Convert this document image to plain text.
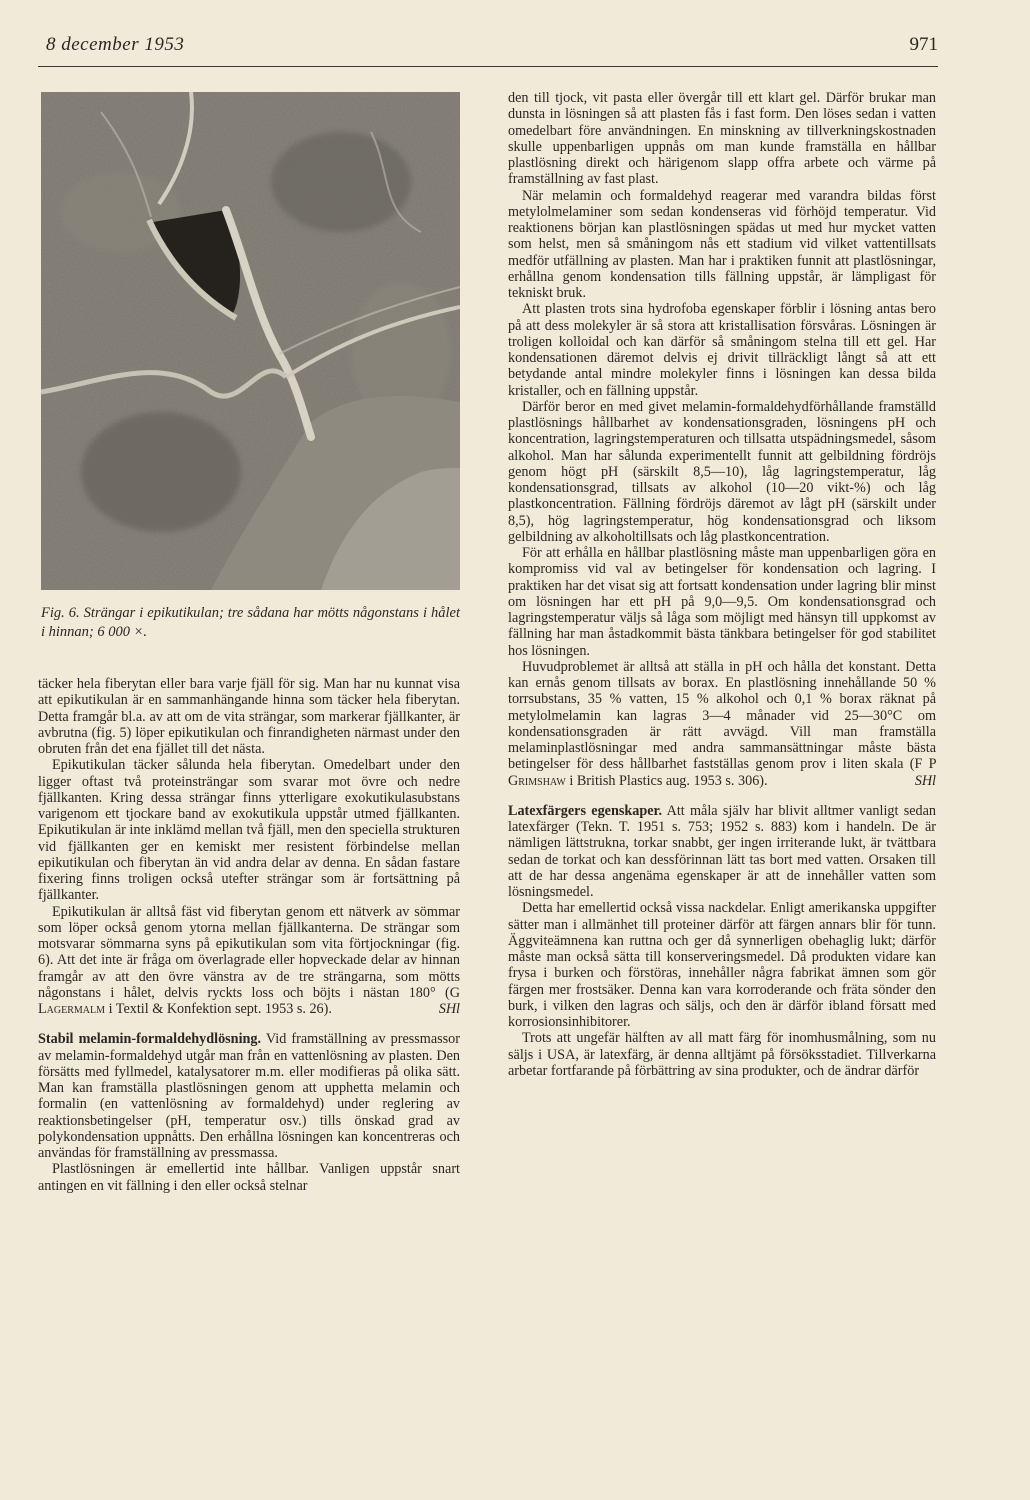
8 december 1953	971
Fig. 6. Strängar i epikutikulan; tre sådana har mötts någonstans i hålet i hinnan; 6 000 ×.

täcker hela fiberytan eller bara varje fjäll för sig. Man har nu kunnat visa att epikutikulan är en sammanhängande hinna som täcker hela fiberytan. Detta framgår bl.a. av att om de vita strängar, som markerar fjällkanter, är avbrutna (fig. 5) löper epikutikulan och finrandigheten närmast under den obruten från det ena fjället till det nästa.

Epikutikulan täcker sålunda hela fiberytan. Omedelbart under den ligger oftast två proteinsträngar som svarar mot övre och nedre fjällkanten. Kring dessa strängar finns ytterligare exokutikulasubstans varigenom ett tjockare band av exokutikula uppstår utmed fjällkanten. Epikutikulan är inte inklämd mellan två fjäll, men den speciella strukturen vid fjällkanten ger en kemiskt mer resistent förbindelse mellan epikutikulan och fiberytan än vid andra delar av denna. En sådan fastare fixering finns troligen också utefter strängar som är fortsättning på fjällkanter.

Epikutikulan är alltså fäst vid fiberytan genom ett nätverk av sömmar som löper också genom ytorna mellan fjällkanterna. De strängar som motsvarar sömmarna syns på epikutikulan som vita förtjockningar (fig. 6). Att det inte är fråga om överlagrade eller hopveckade delar av hinnan framgår av att den övre vänstra av de tre strängarna, som mötts någonstans i hålet, delvis ryckts loss och böjts i nästan 180° (G Lagermalm i Textil & Konfektion sept. 1953 s. 26).	SHl

Stabil melamin-formaldehydlösning. Vid framställning av pressmassor av melamin-formaldehyd utgår man från en vattenlösning av plasten. Den försätts med fyllmedel, katalysatorer m.m. eller modifieras på olika sätt. Man kan framställa plastlösningen genom att upphetta melamin och formalin (en vattenlösning av formaldehyd) under reglering av reaktionsbetingelser (pH, temperatur osv.) tills önskad grad av polykondensation uppnåtts. Den erhållna lösningen kan koncentreras och användas för framställning av pressmassa.

Plastlösningen är emellertid inte hållbar. Vanligen uppstår snart antingen en vit fällning i den eller också stelnar

den till tjock, vit pasta eller övergår till ett klart gel. Därför brukar man dunsta in lösningen så att plasten fås i fast form. Den löses sedan i vatten omedelbart före användningen. En minskning av tillverkningskostnaden skulle uppenbarligen uppnås om man kunde framställa en hållbar plastlösning direkt och härigenom slapp offra arbete och värme på framställning av fast plast.

När melamin och formaldehyd reagerar med varandra bildas först metylolmelaminer som sedan kondenseras vid förhöjd temperatur. Vid reaktionens början kan plastlösningen spädas ut med hur mycket vatten som helst, men så småningom nås ett stadium vid vilket vattentillsats medför utfällning av plasten. Man har i praktiken funnit att plastlösningar, erhållna genom kondensation tills fällning uppstår, är lämpligast för tekniskt bruk.

Att plasten trots sina hydrofoba egenskaper förblir i lösning antas bero på att dess molekyler är så stora att kristallisation försvåras. Lösningen är troligen kolloidal och kan därför så småningom stelna till ett gel. Har kondensationen däremot delvis ej drivit tillräckligt långt så att ett betydande antal mindre molekyler finns i lösningen kan dessa bilda kristaller, och en fällning uppstår.

Därför beror en med givet melamin-formaldehydförhållande framställd plastlösnings hållbarhet av kondensationsgraden, lösningens pH och koncentration, lagringstemperaturen och tillsatta utspädningsmedel, såsom alkohol. Man har sålunda experimentellt funnit att gelbildning fördröjs genom högt pH (särskilt 8,5—10), låg lagringstemperatur, låg kondensationsgrad, tillsats av alkohol (10—20 vikt-%) och låg plastkoncentration. Fällning fördröjs däremot av lågt pH (särskilt under 8,5), hög lagringstemperatur, hög kondensationsgrad och liksom gelbildning av alkoholtillsats och låg plastkoncentration.

För att erhålla en hållbar plastlösning måste man uppenbarligen göra en kompromiss vid val av betingelser för kondensation och lagring. I praktiken har det visat sig att fortsatt kondensation under lagring blir minst om lösningen har ett pH på 9,0—9,5. Om kondensationsgrad och lagringstemperatur väljs så låga som möjligt med hänsyn till uppkomst av fällning har man åstadkommit bästa tänkbara betingelser för god stabilitet hos lösningen.

Huvudproblemet är alltså att ställa in pH och hålla det konstant. Detta kan ernås genom tillsats av borax. En plastlösning innehållande 50 % torrsubstans, 35 % vatten, 15 % alkohol och 0,1 % borax räknat på metylolmelamin kan lagras 3—4 månader vid 25—30°C om kondensationsgraden är rätt avvägd. Vill man framställa melaminplastlösningar med andra sammansättningar måste bästa betingelser för dess hållbarhet fastställas genom prov i liten skala (F P Grimshaw i British Plastics aug. 1953 s. 306).	SHl

Latexfärgers egenskaper. Att måla själv har blivit alltmer vanligt sedan latexfärger (Tekn. T. 1951 s. 753; 1952 s. 883) kom i handeln. De är nämligen lättstrukna, torkar snabbt, ger ingen irriterande lukt, är tvättbara sedan de torkat och kan dessförinnan lätt tas bort med vatten. Orsaken till att de har dessa angenäma egenskaper är att de innehåller vatten som lösningsmedel.

Detta har emellertid också vissa nackdelar. Enligt amerikanska uppgifter sätter man i allmänhet till proteiner därför att färgen annars blir för tunn. Äggviteämnena kan ruttna och ger då synnerligen obehaglig lukt; därför måste man också sätta till konserveringsmedel. Då produkten vidare kan frysa i burken och förstöras, innehåller några fabrikat ämnen som gör färgen mer frostsäker. Denna kan vara korroderande och fräta sönder den burk, i vilken den lagras och säljs, och den är därför ibland försatt med korrosionsinhibitorer.

Trots att ungefär hälften av all matt färg för inomhusmålning, som nu säljs i USA, är latexfärg, är denna alltjämt på försöksstadiet. Tillverkarna arbetar fortfarande på förbättring av sina produkter, och de ändrar därför
